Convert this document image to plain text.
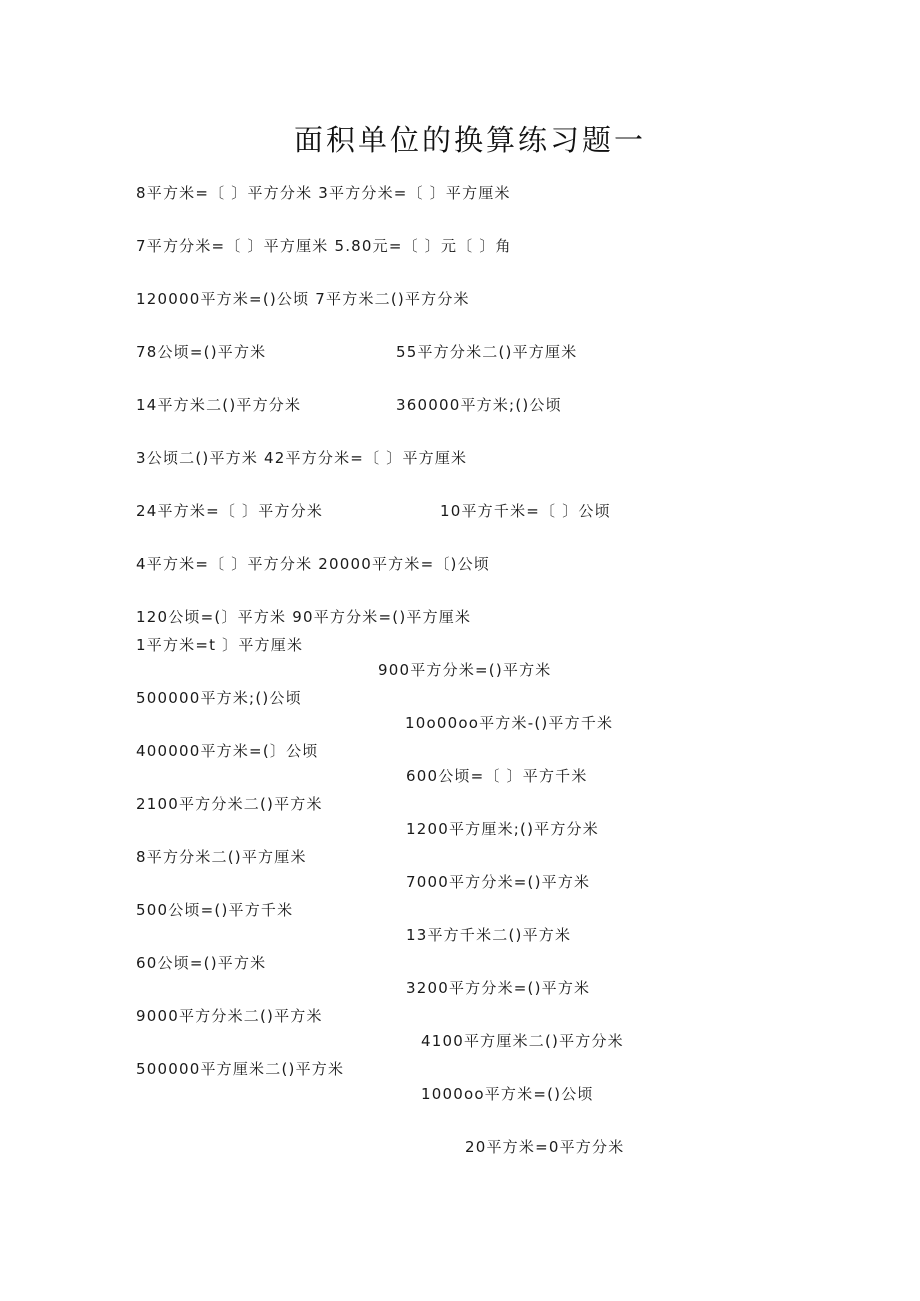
面积单位的换算练习题一
8平方米=〔 〕平方分米 3平方分米=〔 〕平方厘米
7平方分米=〔 〕平方厘米 5.80元=〔 〕元〔 〕角
120000平方米=()公顷 7平方米二()平方分米
78公顷=()平方米	55平方分米二()平方厘米
14平方米二()平方分米	360000平方米;()公顷
3公顷二()平方米 42平方分米=〔 〕平方厘米
24平方米=〔 〕平方分米	10平方千米=〔 〕公顷
4平方米=〔 〕平方分米 20000平方米=〔)公顷
120公顷=(〕平方米 90平方分米=()平方厘米
1平方米=t 〕平方厘米
900平方分米=()平方米
500000平方米;()公顷
10o00oo平方米-()平方千米
400000平方米=(〕公顷
600公顷=〔 〕平方千米
2100平方分米二()平方米
1200平方厘米;()平方分米
8平方分米二()平方厘米
7000平方分米=()平方米
500公顷=()平方千米
13平方千米二()平方米
60公顷=()平方米
3200平方分米=()平方米
9000平方分米二()平方米
4100平方厘米二()平方分米
500000平方厘米二()平方米
1000oo平方米=()公顷
20平方米=0平方分米
